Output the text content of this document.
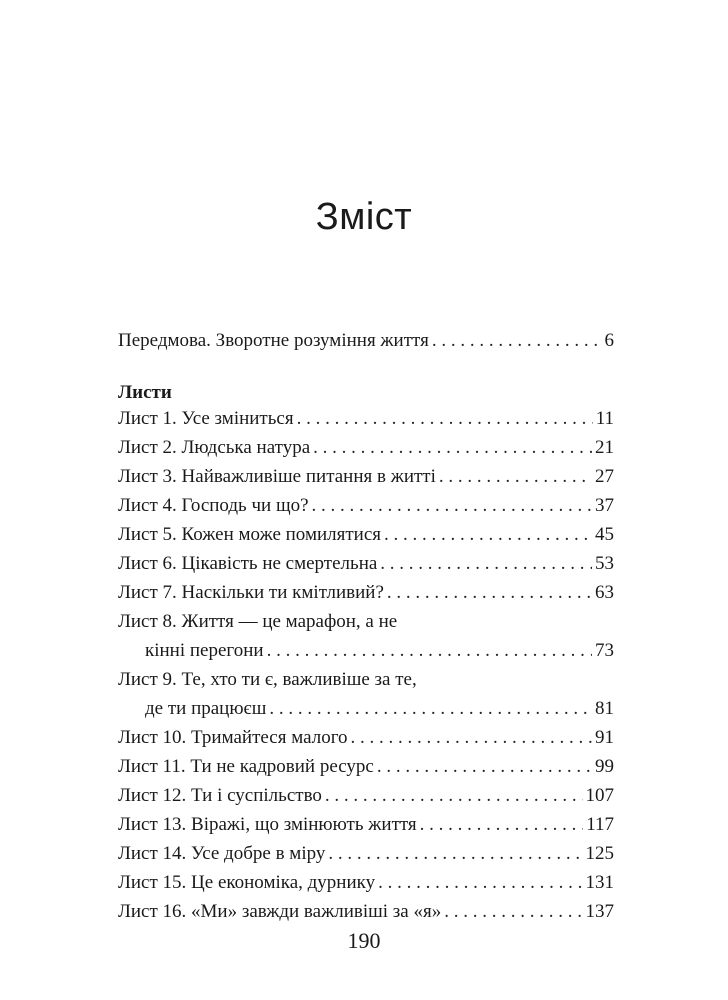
Зміст
Передмова. Зворотне розуміння життя . . .	6
Листи
Лист 1. Усе зміниться . . .	11
Лист 2. Людська натура . . .	21
Лист 3. Найважливіше питання в житті . . .	27
Лист 4. Господь чи що? . . .	37
Лист 5. Кожен може помилятися . . .	45
Лист 6. Цікавість не смертельна . . .	53
Лист 7. Наскільки ти кмітливий? . . .	63
Лист 8. Життя — це марафон, а не
кінні перегони . . .	73
Лист 9. Те, хто ти є, важливіше за те,
де ти працюєш . . .	81
Лист 10. Тримайтеся малого . . .	91
Лист 11. Ти не кадровий ресурс . . .	99
Лист 12. Ти і суспільство . . .	107
Лист 13. Віражі, що змінюють життя . . .	117
Лист 14. Усе добре в міру . . .	125
Лист 15. Це економіка, дурнику . . .	131
Лист 16. «Ми» завжди важливіші за «я» . . .	137
190
